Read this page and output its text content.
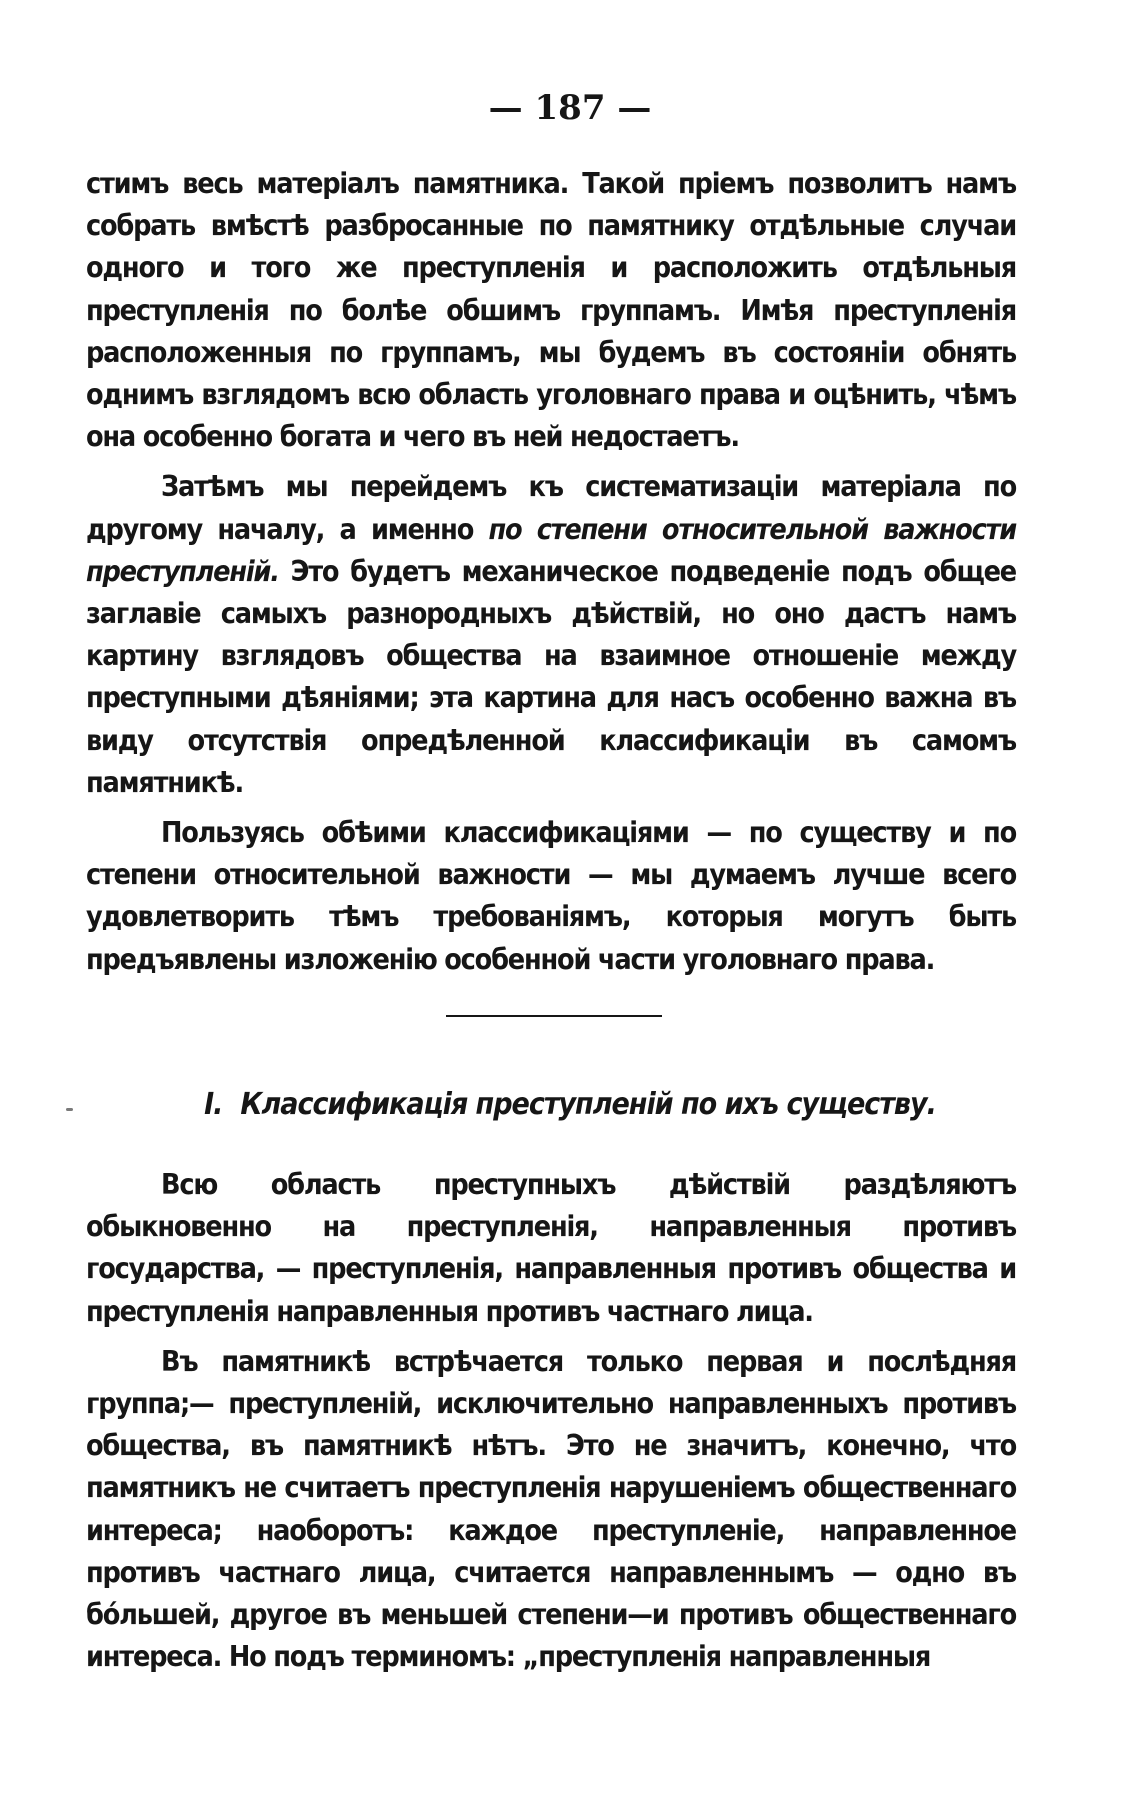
— 187 —

стимъ весь матеріалъ памятника. Такой пріемъ позволитъ намъ собрать вмѣстѣ разбросанные по памятнику отдѣльные случаи одного и того же преступленія и расположить отдѣльныя преступленія по болѣе обшимъ группамъ. Имѣя преступленія расположенныя по группамъ, мы будемъ въ состояніи обнять однимъ взглядомъ всю область уголовнаго права и оцѣнить, чѣмъ она особенно богата и чего въ ней недостаетъ.

Затѣмъ мы перейдемъ къ систематизаціи матеріала по другому началу, а именно по степени относительной важности преступленій. Это будетъ механическое подведеніе подъ общее заглавіе самыхъ разнородныхъ дѣйствій, но оно дастъ намъ картину взглядовъ общества на взаимное отношеніе между преступными дѣяніями; эта картина для насъ особенно важна въ виду отсутствія опредѣленной классификаціи въ самомъ памятникѣ.

Пользуясь обѣими классификаціями — по существу и по степени относительной важности — мы думаемъ лучше всего удовлетворить тѣмъ требованіямъ, которыя могутъ быть предъявлены изложенію особенной части уголовнаго права.

I. Классификація преступленій по ихъ существу.

Всю область преступныхъ дѣйствій раздѣляютъ обыкновенно на преступленія, направленныя противъ государства, — преступленія, направленныя противъ общества и преступленія направленныя противъ частнаго лица.

Въ памятникѣ встрѣчается только первая и послѣдняя группа;— преступленій, исключительно направленныхъ противъ общества, въ памятникѣ нѣтъ. Это не значитъ, конечно, что памятникъ не считаетъ преступленія нарушеніемъ общественнаго интереса; наоборотъ: каждое преступленіе, направленное противъ частнаго лица, считается направленнымъ — одно въ бо́льшей, другое въ меньшей степени—и противъ общественнаго интереса. Но подъ терминомъ: „преступленія направленныя
